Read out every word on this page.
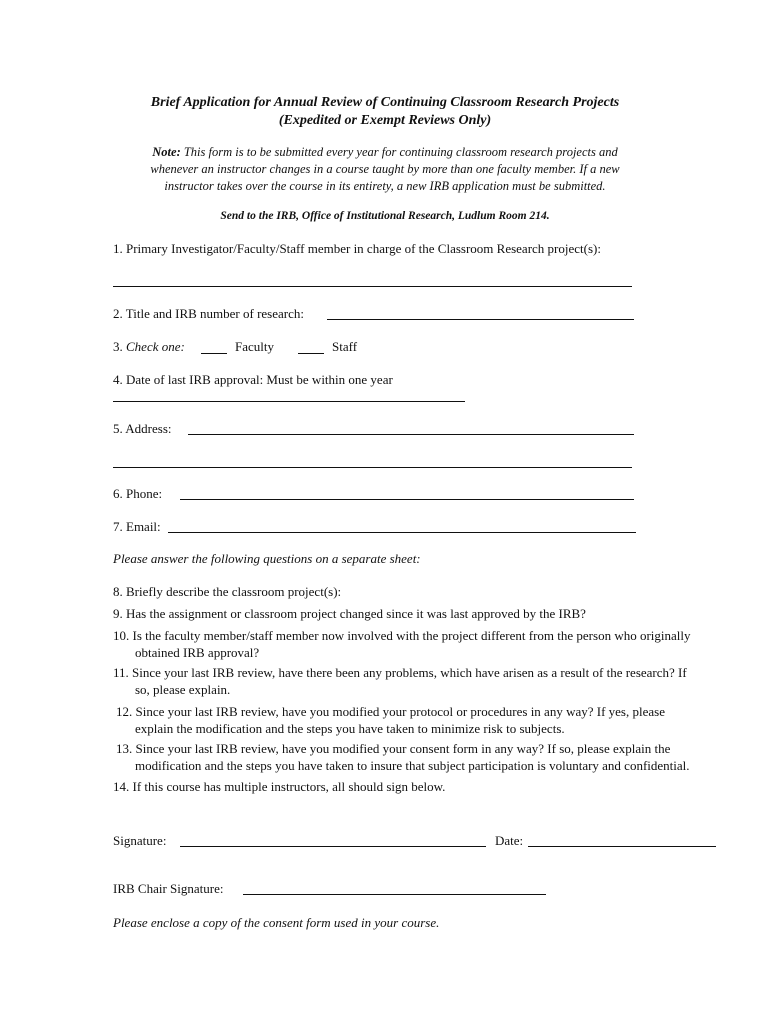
Brief Application for Annual Review of Continuing Classroom Research Projects
(Expedited or Exempt Reviews Only)
Note: This form is to be submitted every year for continuing classroom research projects and
whenever an instructor changes in a course taught by more than one faculty member. If a new
instructor takes over the course in its entirety, a new IRB application must be submitted.
Send to the IRB, Office of Institutional Research, Ludlum Room 214.
1. Primary Investigator/Faculty/Staff member in charge of the Classroom Research project(s):
2. Title and IRB number of research:
3. Check one:	Faculty	Staff
4. Date of last IRB approval: Must be within one year
5. Address:
6. Phone:
7. Email:
Please answer the following questions on a separate sheet:
8. Briefly describe the classroom project(s):
9. Has the assignment or classroom project changed since it was last approved by the IRB?
10. Is the faculty member/staff member now involved with the project different from the person who originally
obtained IRB approval?
11. Since your last IRB review, have there been any problems, which have arisen as a result of the research? If
so, please explain.
12. Since your last IRB review, have you modified your protocol or procedures in any way? If yes, please
explain the modification and the steps you have taken to minimize risk to subjects.
13. Since your last IRB review, have you modified your consent form in any way? If so, please explain the
modification and the steps you have taken to insure that subject participation is voluntary and confidential.
14. If this course has multiple instructors, all should sign below.
Signature:	Date:
IRB Chair Signature:
Please enclose a copy of the consent form used in your course.
